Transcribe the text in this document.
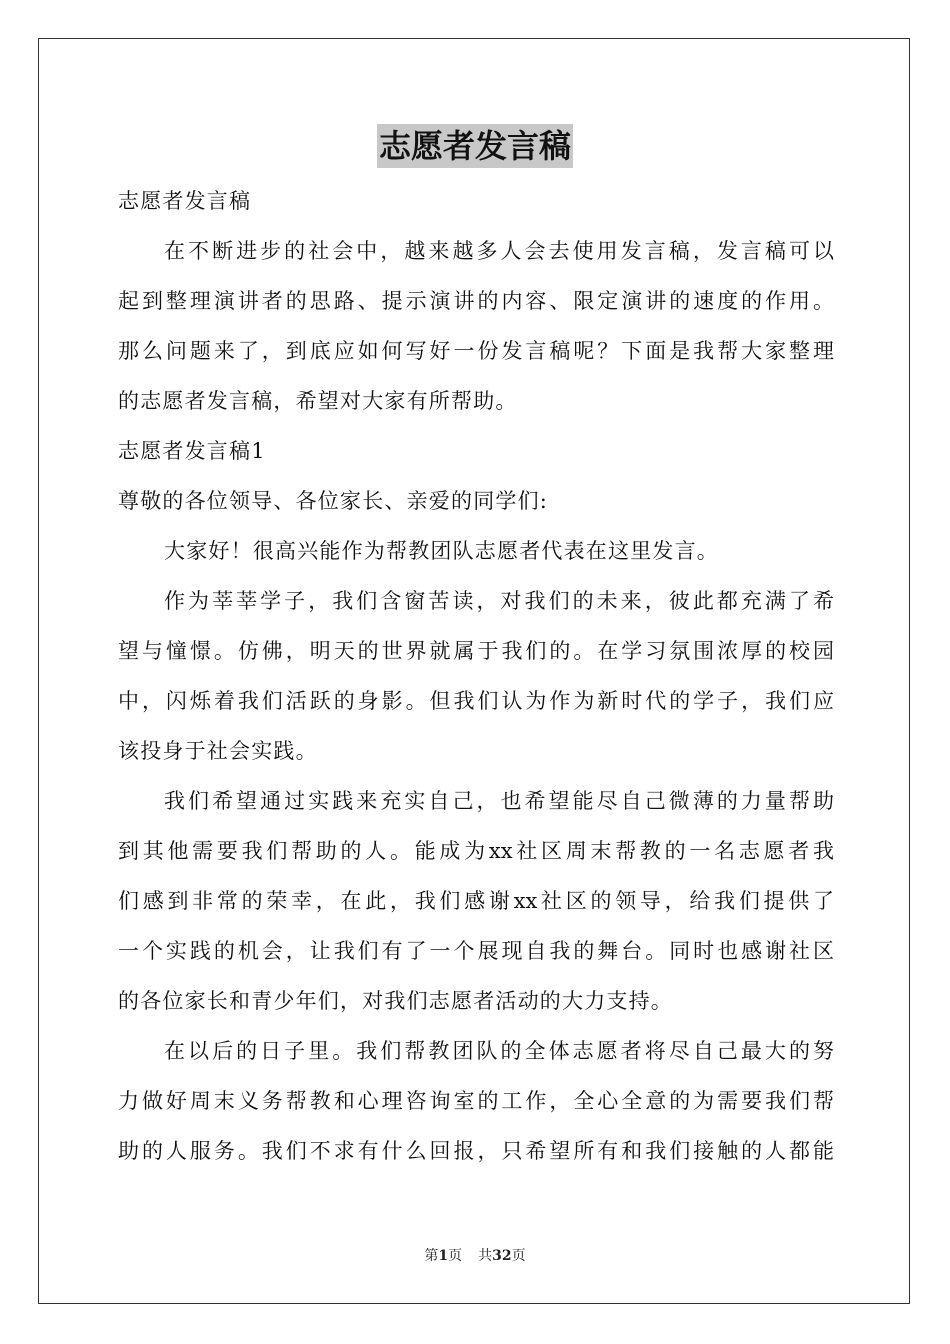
志愿者发言稿
志愿者发言稿
在不断进步的社会中，越来越多人会去使用发言稿，发言稿可以
起到整理演讲者的思路、提示演讲的内容、限定演讲的速度的作用。
那么问题来了，到底应如何写好一份发言稿呢？下面是我帮大家整理
的志愿者发言稿，希望对大家有所帮助。
志愿者发言稿1
尊敬的各位领导、各位家长、亲爱的同学们:
大家好！很高兴能作为帮教团队志愿者代表在这里发言。
作为莘莘学子，我们含窗苦读，对我们的未来，彼此都充满了希
望与憧憬。仿佛，明天的世界就属于我们的。在学习氛围浓厚的校园
中，闪烁着我们活跃的身影。但我们认为作为新时代的学子，我们应
该投身于社会实践。
我们希望通过实践来充实自己，也希望能尽自己微薄的力量帮助
到其他需要我们帮助的人。能成为xx社区周末帮教的一名志愿者我
们感到非常的荣幸，在此，我们感谢xx社区的领导，给我们提供了
一个实践的机会，让我们有了一个展现自我的舞台。同时也感谢社区
的各位家长和青少年们，对我们志愿者活动的大力支持。
在以后的日子里。我们帮教团队的全体志愿者将尽自己最大的努
力做好周末义务帮教和心理咨询室的工作，全心全意的为需要我们帮
助的人服务。我们不求有什么回报，只希望所有和我们接触的人都能
第1页 共32页
